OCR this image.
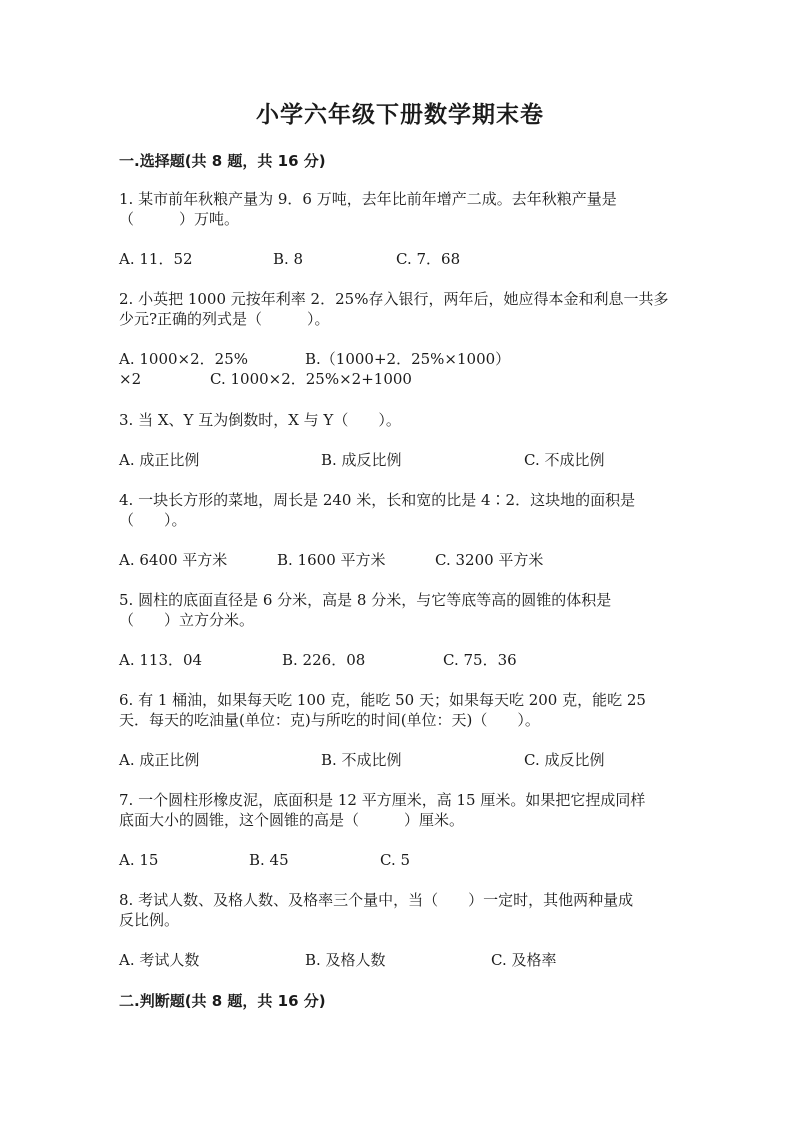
小学六年级下册数学期末卷
一.选择题(共 8 题，共 16 分)
1. 某市前年秋粮产量为 9．6 万吨，去年比前年增产二成。去年秋粮产量是
（　　　）万吨。
A. 11．52	B. 8	C. 7．68
2. 小英把 1000 元按年利率 2．25%存入银行，两年后，她应得本金和利息一共多
少元?正确的列式是（　　　）。
A. 1000×2．25%	B.（1000+2．25%×1000）
×2	C. 1000×2．25%×2+1000
3. 当 X、Y 互为倒数时，X 与 Y（　　）。
A. 成正比例	B. 成反比例	C. 不成比例
4. 一块长方形的菜地，周长是 240 米，长和宽的比是 4∶2．这块地的面积是
（　　）。
A. 6400 平方米	B. 1600 平方米	C. 3200 平方米
5. 圆柱的底面直径是 6 分米，高是 8 分米，与它等底等高的圆锥的体积是
（　　）立方分米。
A. 113．04	B. 226．08	C. 75．36
6. 有 1 桶油，如果每天吃 100 克，能吃 50 天；如果每天吃 200 克，能吃 25
天．每天的吃油量(单位：克)与所吃的时间(单位：天)（　　）。
A. 成正比例	B. 不成比例	C. 成反比例
7. 一个圆柱形橡皮泥，底面积是 12 平方厘米，高 15 厘米。如果把它捏成同样
底面大小的圆锥，这个圆锥的高是（　　　）厘米。
A. 15	B. 45	C. 5
8. 考试人数、及格人数、及格率三个量中，当（　　）一定时，其他两种量成
反比例。
A. 考试人数	B. 及格人数	C. 及格率
二.判断题(共 8 题，共 16 分)
